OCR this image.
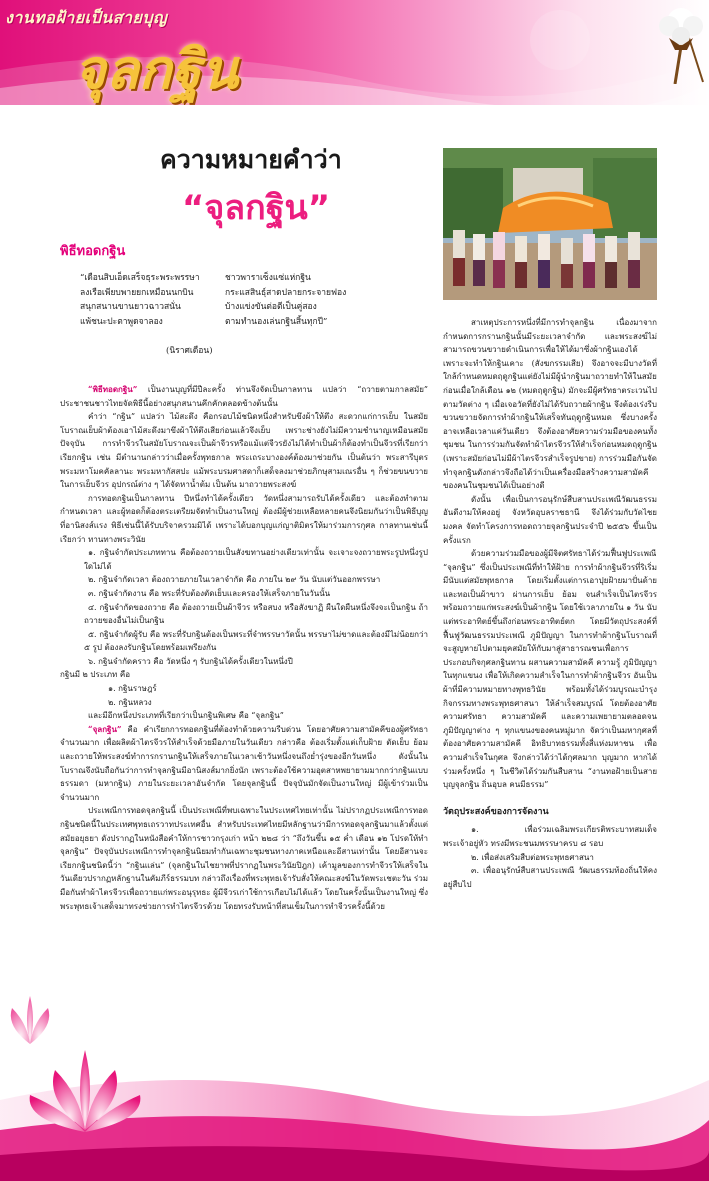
งานทอฝ้ายเป็นสายบุญ
จุลกฐิน
ความหมายคำว่า
“จุลกฐิน”
พิธีทอดกฐิน
“เดือนสิบเอ็ดเสร็จธุระพระพรรษา	ชาวพาราเซ็งแซ่แห่กฐิน
ลงเรือเพียบพายยกเหมือนนกบิน	กระแสสินธุ์สาดปลายกระจายฟอง
สนุกสนานขานยาวฉาวสนั่น	บ้างแข่งขันต่อตีเป็นคู่สอง
แพ้ชนะปะตาพูดจาลอง	ตามทำนองเล่นกฐินสิ้นทุกปี”
(นิราศเดือน)

“พิธีทอดกฐิน” เป็นงานบุญที่มีปีละครั้ง ท่านจึงจัดเป็นกาลทาน แปลว่า “ถวายตามกาลสมัย” ประชาชนชาวไทยจัดพิธีนี้อย่างสนุกสนานคึกคักตลอดข้างต้นนั้น

คำว่า “กฐิน” แปลว่า ไม้สะดึง คือกรอบไม้ชนิดหนึ่งสำหรับขึงผ้าให้ตึง สะดวกแก่การเย็บ ในสมัยโบราณเย็บผ้าต้องเอาไม้สะดึงมาขึงผ้าให้ตึงเสียก่อนแล้วจึงเย็บ เพราะช่างยังไม่มีความชำนาญเหมือนสมัยปัจจุบัน การทำจีวรในสมัยโบราณจะเป็นผ้าจีวรหรือแม้แต่จีวรยังไม่ได้ทำเป็นผ้าก็ต้องทำเป็นจีวรที่เรียกว่าเรียกกฐิน เช่น มีตำนานกล่าวว่าเมื่อครั้งพุทธกาล พระเถระบางองค์ต้องมาช่วยกัน เป็นต้นว่า พระสารีบุตร พระมหาโมคคัลลานะ พระมหากัสสปะ แม้พระบรมศาสดาก็เสด็จลงมาช่วยภิกษุสามเณรอื่น ๆ ก็ช่วยขนขวายในการเย็บจีวร อุปกรณ์ต่าง ๆ ได้จัดหาน้ำต้ม เป็นต้น มาถวายพระสงฆ์

การทอดกฐินเป็นกาลทาน ปีหนึ่งทำได้ครั้งเดียว วัดหนึ่งสามารถรับได้ครั้งเดียว และต้องทำตามกำหนดเวลา และผู้ทอดก็ต้องตระเตรียมจัดทำเป็นงานใหญ่ ต้องมีผู้ช่วยเหลือหลายคนจึงนิยมกันว่าเป็นพิธีบุญที่อานิสงส์แรง พิธีเช่นนี้ได้รับบริจาครวมมิได้ เพราะได้บอกบุญแก่ญาติมิตรให้มาร่วมการกุศล กาลทานเช่นนี้เรียกว่า ทานทางพระวินัย

๑. กฐินจำกัดประเภททาน คือต้องถวายเป็นสังฆทานอย่างเดียวเท่านั้น จะเจาะจงถวายพระรูปหนึ่งรูปใดไม่ได้

๒. กฐินจำกัดเวลา ต้องถวายภายในเวลาจำกัด คือ ภายใน ๒๙ วัน นับแต่วันออกพรรษา

๓. กฐินจำกัดงาน คือ พระที่รับต้องตัดเย็บและครองให้เสร็จภายในวันนั้น

๔. กฐินจำกัดของถวาย คือ ต้องถวายเป็นผ้าจีวร หรือสบง หรือสังฆาฏิ ผืนใดผืนหนึ่งจึงจะเป็นกฐิน ถ้าถวายของอื่นไม่เป็นกฐิน

๕. กฐินจำกัดผู้รับ คือ พระที่รับกฐินต้องเป็นพระที่จำพรรษาวัดนั้น พรรษาไม่ขาดและต้องมีไม่น้อยกว่า ๕ รูป ต้องลงรับกฐินโดยพร้อมเพรียงกัน

๖. กฐินจำกัดคราว คือ วัดหนึ่ง ๆ รับกฐินได้ครั้งเดียวในหนึ่งปี

กฐินมี ๒ ประเภท คือ

๑. กฐินราษฎร์

๒. กฐินหลวง

และมีอีกหนึ่งประเภทที่เรียกว่าเป็นกฐินพิเศษ คือ “จุลกฐิน”

“จุลกฐิน” คือ คำเรียกการทอดกฐินที่ต้องทำด้วยความรีบด่วน โดยอาศัยความสามัคคีของผู้ศรัทธาจำนวนมาก เพื่อผลิตผ้าไตรจีวรให้สำเร็จด้วยมือภายในวันเดียว กล่าวคือ ต้องเริ่มตั้งแต่เก็บฝ้าย ตัดเย็บ ย้อม และถวายให้พระสงฆ์ทำการกรานกฐินให้เสร็จภายในเวลาเช้าวันหนึ่งจนถึงย่ำรุ่งของอีกวันหนึ่ง ดังนั้นในโบราณจึงนับถือกันว่าการทำจุลกฐินมีอานิสงส์มากยิ่งนัก เพราะต้องใช้ความอุตสาหพยายามมากกว่ากฐินแบบธรรมดา (มหากฐิน) ภายในระยะเวลาอันจำกัด โดยจุลกฐินนี้ ปัจจุบันมักจัดเป็นงานใหญ่ มีผู้เข้าร่วมเป็นจำนวนมาก

ประเพณีการทอดจุลกฐินนี้ เป็นประเพณีที่พบเฉพาะในประเทศไทยเท่านั้น ไม่ปรากฏประเพณีการทอดกฐินชนิดนี้ในประเทศพุทธเถรวาทประเทศอื่น สำหรับประเทศไทยมีหลักฐานว่ามีการทอดจุลกฐินมาแล้วตั้งแต่สมัยอยุธยา ดังปรากฏในหนังสือคำให้การชาวกรุงเก่า หน้า ๒๒๘ ว่า “ถึงวันขึ้น ๑๕ ค่ำ เดือน ๑๒ โปรดให้ทำจุลกฐิน” ปัจจุบันประเพณีการทำจุลกฐินนิยมทำกันเฉพาะชุมชนทางภาคเหนือและอีสานเท่านั้น โดยอีสานจะเรียกกฐินชนิดนี้ว่า “กฐินแล่น” (จุลกฐินในไชยาพที่ปรากฏในพระวินัยปิฎก) เค้ามูลของการทำจีวรให้เสร็จในวันเดียวปรากฏหลักฐานในคัมภีร์ธรรมบท กล่าวถึงเรื่องที่พระพุทธเจ้ารับสั่งให้คณะสงฆ์ในวัดพระเชตะวัน ร่วมมือกันทำผ้าไตรจีวรเพื่อถวายแก่พระอนุรุทธะ ผู้มีจีวรเก่าใช้การเกือบไม่ได้แล้ว โดยในครั้งนั้นเป็นงานใหญ่ ซึ่งพระพุทธเจ้าเสด็จมาทรงช่วยการทำไตรจีวรด้วย โดยทรงรับหน้าที่สนเข็มในการทำจีวรครั้งนี้ด้วย

สาเหตุประการหนึ่งที่มีการทำจุลกฐิน เนื่องมาจากกำหนดการกรานกฐินนั้นมีระยะเวลาจำกัด และพระสงฆ์ไม่สามารถขวนขวายดำเนินการเพื่อให้ได้มาซึ่งผ้ากฐินเองได้ เพราะจะทำให้กฐินเคาะ (สังฆกรรมเสีย) จึงอาจจะมีบางวัดที่ใกล้กำหนดหมดฤดูกฐินแต่ยังไม่มีผู้นำกฐินมาถวายทำให้ในสมัยก่อนเมื่อใกล้เดือน ๑๒ (หมดฤดูกฐิน) มักจะมีผู้ศรัทธาตระเวนไปตามวัดต่าง ๆ เมื่อเจอวัดที่ยังไม่ได้รับถวายผ้ากฐิน จึงต้องเร่งรีบขวนขวายจัดการทำผ้ากฐินให้เสร็จทันฤดูกฐินหมด ซึ่งบางครั้งอาจเหลือเวลาแค่วันเดียว จึงต้องอาศัยความร่วมมือของคนทั้งชุมชน ในการร่วมกันจัดทำผ้าไตรจีวรให้สำเร็จก่อนหมดฤดูกฐิน (เพราะสมัยก่อนไม่มีผ้าไตรจีวรสำเร็จรูปขาย) การร่วมมือกันจัดทำจุลกฐินดังกล่าวจึงถือได้ว่าเป็นเครื่องมือสร้างความสามัคคีของคนในชุมชนได้เป็นอย่างดี

ดังนั้น เพื่อเป็นการอนุรักษ์สืบสานประเพณีวัฒนธรรมอันดีงามให้คงอยู่ จังหวัดอุบลราชธานี จึงได้ร่วมกับวัดไชยมงคล จัดทำโครงการทอดถวายจุลกฐินประจำปี ๒๕๕๖ ขึ้นเป็นครั้งแรก

ด้วยความร่วมมือของผู้มีจิตศรัทธาได้ร่วมฟื้นฟูประเพณี “จุลกฐิน” ซึ่งเป็นประเพณีที่ทำให้ฝ้าย การทำผ้ากฐินจีวรที่ริเริ่มมีนับแต่สมัยพุทธกาล โดยเริ่มตั้งแต่การเอาปุยฝ้ายมาปั่นด้ายและทอเป็นผ้าขาว ผ่านการเย็บ ย้อม จนสำเร็จเป็นไตรจีวร พร้อมถวายแก่พระสงฆ์เป็นผ้ากฐิน โดยใช้เวลาภายใน ๑ วัน นับแต่พระอาทิตย์ขึ้นถึงก่อนพระอาทิตย์ตก โดยมีวัตถุประสงค์ที่ฟื้นฟูวัฒนธรรมประเพณี ภูมิปัญญา ในการทำผ้ากฐินโบราณที่จะสูญหายไปตามยุคสมัยให้กับมาสู่สาธารณชนเพื่อการประกอบกิจกุศลกฐินทาน ผสานความสามัคคี ความรู้ ภูมิปัญญา ในทุกแขนง เพื่อให้เกิดความสำเร็จในการทำผ้ากฐินจีวร อันเป็นผ้าที่มีความหมายทางพุทธวินัย พร้อมทั้งได้ร่วมบูรณะบำรุงกิจกรรมทางพระพุทธศาสนา ให้ลำเร็จสมบูรณ์ โดยต้องอาศัยความศรัทธา ความสามัคคี และความเพยายามตลอดจนภูมิปัญญาต่าง ๆ ทุกแขนงของคนหมู่มาก จัดว่าเป็นมหากุศลที่ต้องอาศัยความสามัคคี อิทธิบาทธรรมทั้งสี่แห่งมหาชน เพื่อความสำเร็จในกุศล จึงกล่าวได้ว่าได้กุศลมาก บุญมาก หากได้ร่วมครั้งหนึ่ง ๆ ในชีวิตได้ร่วมกันสืบสาน “งานทอฝ้ายเป็นสายบุญจุลกฐิน ถิ่นอุบล คนมีธรรม”

วัตถุประสงค์ของการจัดงาน

๑. เพื่อร่วมเฉลิมพระเกียรติพระบาทสมเด็จพระเจ้าอยู่หัว ทรงมีพระชนมพรรษาครบ ๘ รอบ

๒. เพื่อส่งเสริมสืบต่อพระพุทธศาสนา

๓. เพื่ออนุรักษ์สืบสานประเพณี วัฒนธรรมท้องถิ่นให้คงอยู่สืบไป
